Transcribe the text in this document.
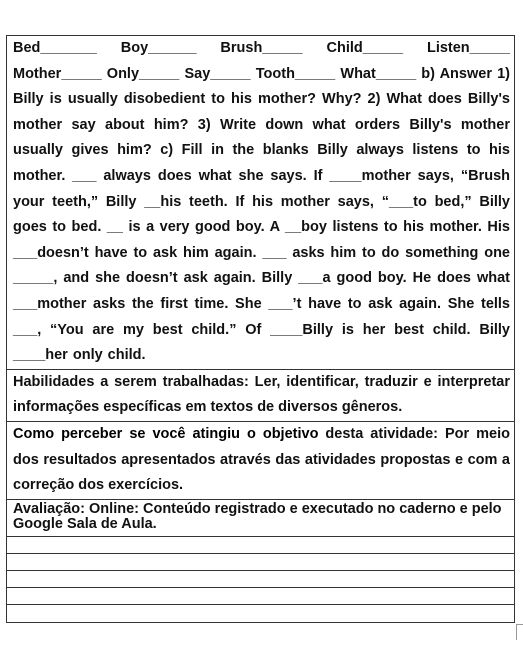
Bed_______ Boy______ Brush_____ Child_____ Listen_____ Mother_____ Only_____ Say_____ Tooth_____ What_____ b) Answer 1) Billy is usually disobedient to his mother? Why? 2) What does Billy's mother say about him? 3) Write down what orders Billy's mother usually gives him? c) Fill in the blanks Billy always listens to his mother. ___ always does what she says. If ____mother says, “Brush your teeth,” Billy __his teeth. If his mother says, “___to bed,” Billy goes to bed. __ is a very good boy. A __boy listens to his mother. His ___doesn’t have to ask him again. ___ asks him to do something one _____, and she doesn’t ask again. Billy ___a good boy. He does what ___mother asks the first time. She ___’t have to ask again. She tells ___, “You are my best child.” Of ____Billy is her best child. Billy ____her only child.
Habilidades a serem trabalhadas: Ler, identificar, traduzir e interpretar informações específicas em textos de diversos gêneros.
Como perceber se você atingiu o objetivo desta atividade: Por meio dos resultados apresentados através das atividades propostas e com a correção dos exercícios.
Avaliação: Online: Conteúdo registrado e executado no caderno e pelo Google Sala de Aula.
